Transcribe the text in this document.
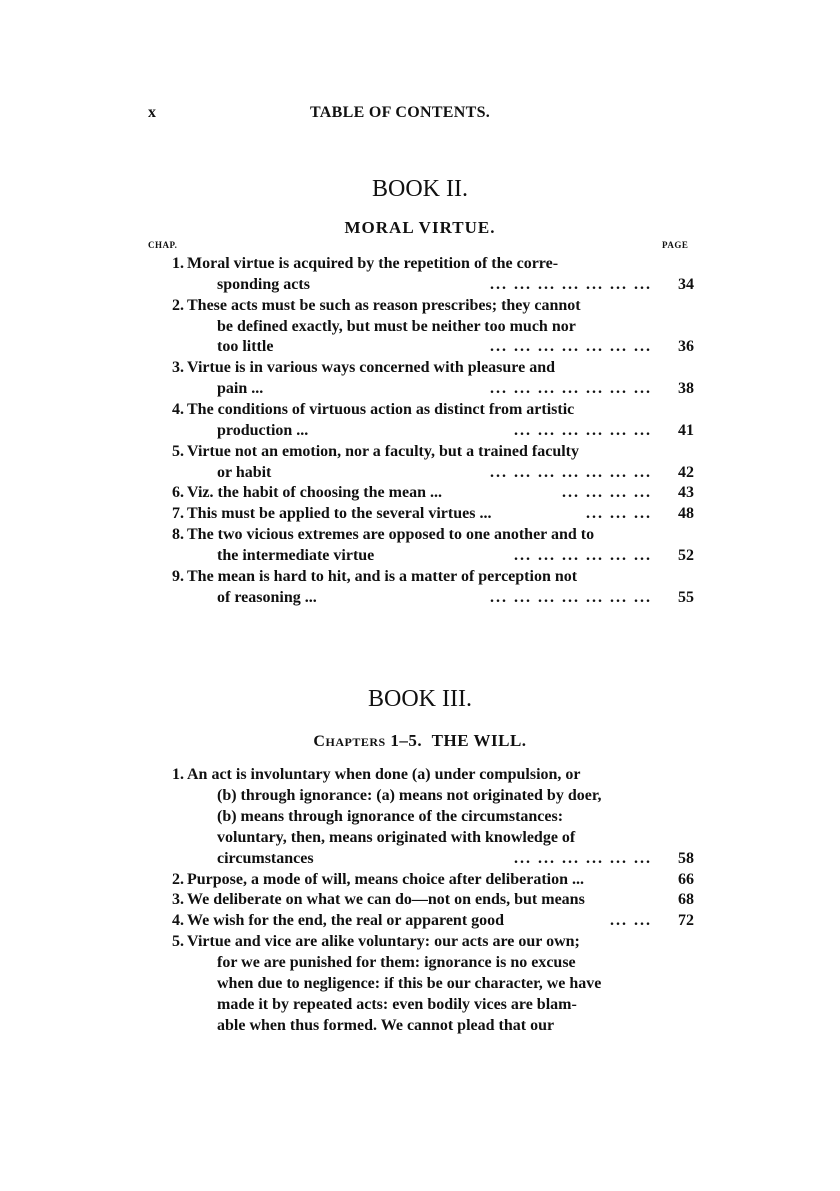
x	TABLE OF CONTENTS.
BOOK II.
MORAL VIRTUE.
CHAP.	PAGE
1. Moral virtue is acquired by the repetition of the corre-
sponding acts	... ... ... ... ... ... ...	34
2. These acts must be such as reason prescribes; they cannot
be defined exactly, but must be neither too much nor
too little	... ... ... ... ... ... ...	36
3. Virtue is in various ways concerned with pleasure and
pain ...	... ... ... ... ... ... ...	38
4. The conditions of virtuous action as distinct from artistic
production ...	... ... ... ... ... ...	41
5. Virtue not an emotion, nor a faculty, but a trained faculty
or habit	... ... ... ... ... ... ...	42
6. Viz. the habit of choosing the mean ...	... ... ... ...	43
7. This must be applied to the several virtues ...	... ... ...	48
8. The two vicious extremes are opposed to one another and to
the intermediate virtue	... ... ... ... ... ...	52
9. The mean is hard to hit, and is a matter of perception not
of reasoning ...	... ... ... ... ... ... ...	55
BOOK III.
CHAPTERS 1–5. THE WILL.
1. An act is involuntary when done (a) under compulsion, or
(b) through ignorance: (a) means not originated by doer,
(b) means through ignorance of the circumstances:
voluntary, then, means originated with knowledge of
circumstances	... ... ... ... ... ...	58
2. Purpose, a mode of will, means choice after deliberation ...	66
3. We deliberate on what we can do—not on ends, but means	68
4. We wish for the end, the real or apparent good	... ...	72
5. Virtue and vice are alike voluntary: our acts are our own;
for we are punished for them: ignorance is no excuse
when due to negligence: if this be our character, we have
made it by repeated acts: even bodily vices are blam-
able when thus formed. We cannot plead that our
